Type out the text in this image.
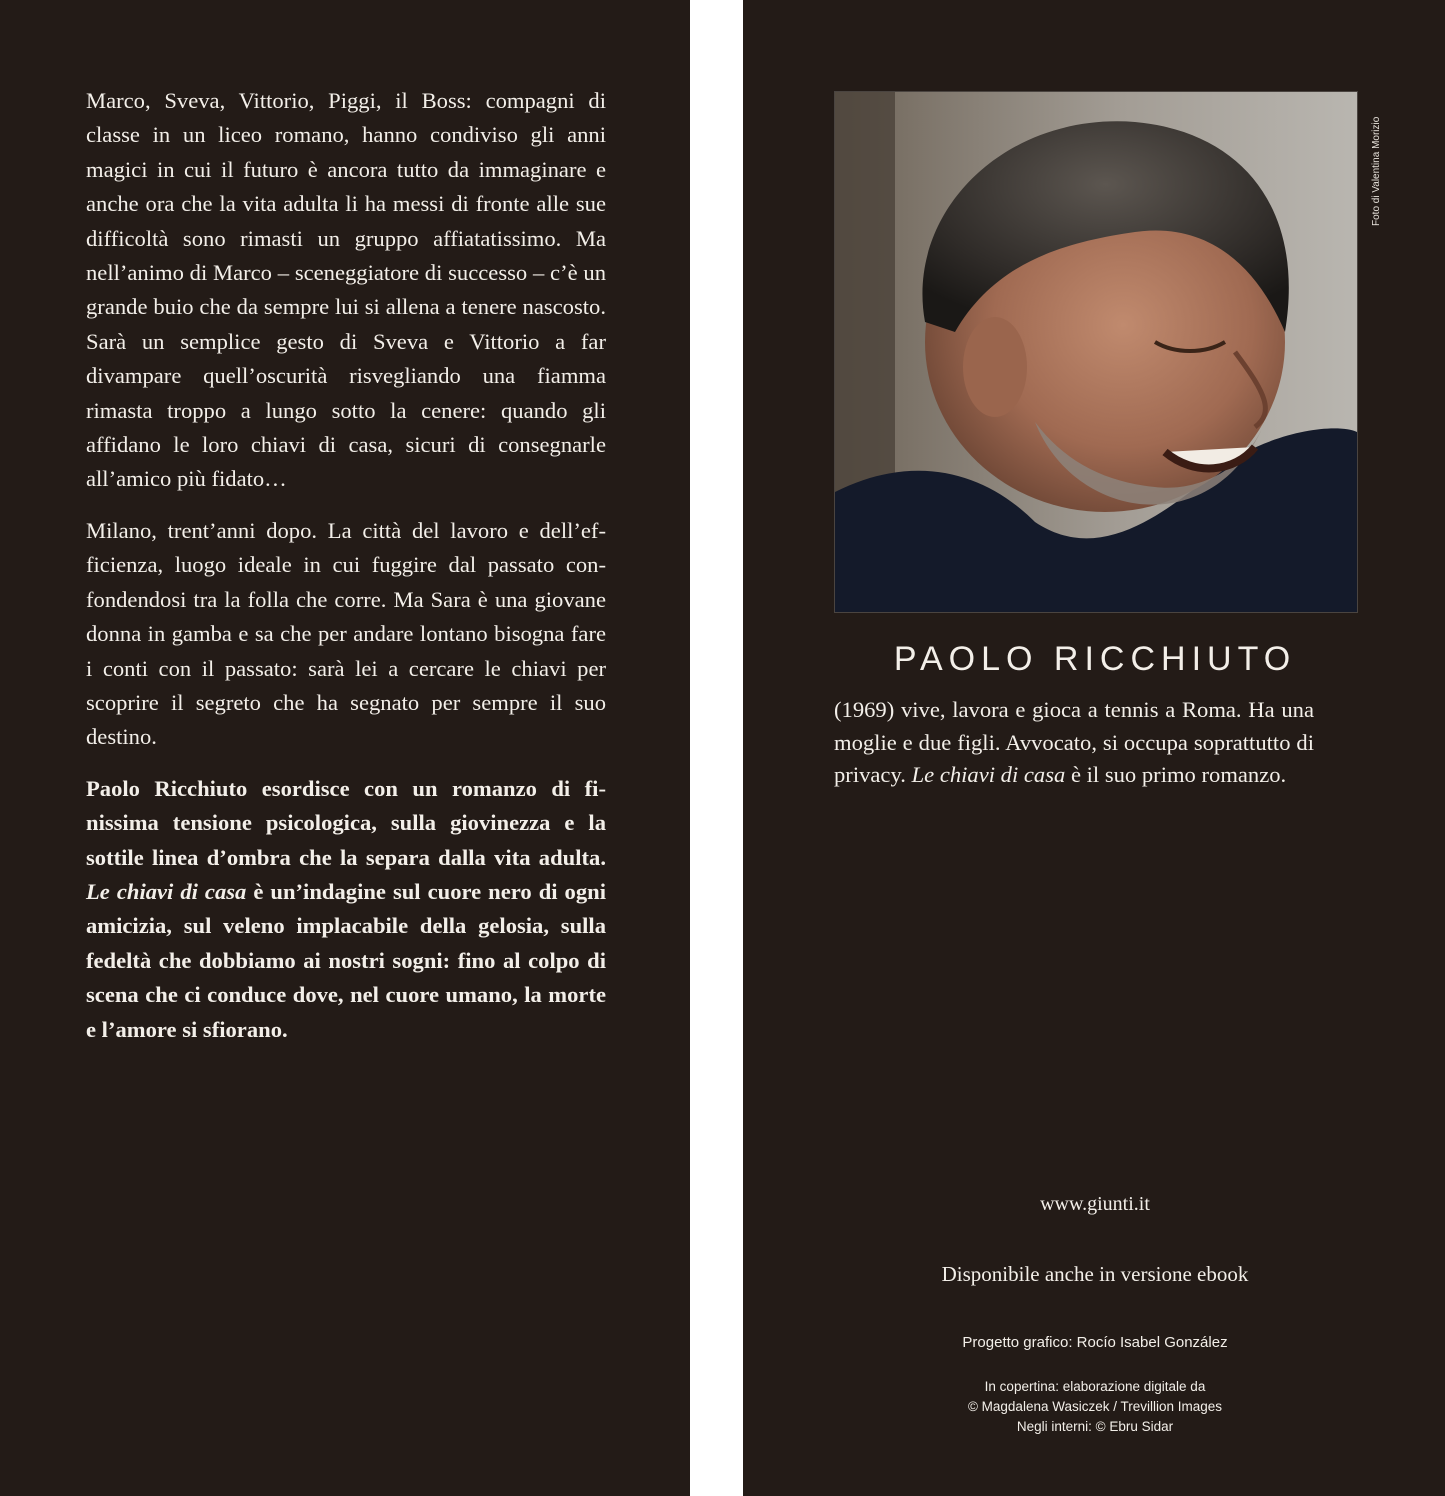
Marco, Sveva, Vittorio, Piggi, il Boss: compagni di classe in un liceo romano, hanno condiviso gli anni magici in cui il futuro è ancora tutto da immaginare e anche ora che la vita adulta li ha messi di fronte alle sue difficoltà sono rimasti un gruppo affiatatissimo. Ma nell’animo di Marco – sceneggiatore di successo – c’è un grande buio che da sempre lui si allena a tenere nascosto. Sarà un semplice gesto di Sveva e Vittorio a far divampare quell’oscurità risvegliando una fiamma rimasta troppo a lungo sotto la cenere: quando gli affidano le loro chiavi di casa, sicuri di consegnarle all’amico più fidato…

Milano, trent’anni dopo. La città del lavoro e dell’efficienza, luogo ideale in cui fuggire dal passato confondendosi tra la folla che corre. Ma Sara è una giovane donna in gamba e sa che per andare lontano bisogna fare i conti con il passato: sarà lei a cercare le chiavi per scoprire il segreto che ha segnato per sempre il suo destino.

Paolo Ricchiuto esordisce con un romanzo di finissima tensione psicologica, sulla giovinezza e la sottile linea d’ombra che la separa dalla vita adulta. Le chiavi di casa è un’indagine sul cuore nero di ogni amicizia, sul veleno implacabile della gelosia, sulla fedeltà che dobbiamo ai nostri sogni: fino al colpo di scena che ci conduce dove, nel cuore umano, la morte e l’amore si sfiorano.

Foto di Valentina Morizio
PAOLO RICCHIUTO
(1969) vive, lavora e gioca a tennis a Roma. Ha una moglie e due figli. Avvocato, si occupa soprattutto di privacy. Le chiavi di casa è il suo primo romanzo.
www.giunti.it
Disponibile anche in versione ebook
Progetto grafico: Rocío Isabel González
In copertina: elaborazione digitale da
© Magdalena Wasiczek / Trevillion Images
Negli interni: © Ebru Sidar
